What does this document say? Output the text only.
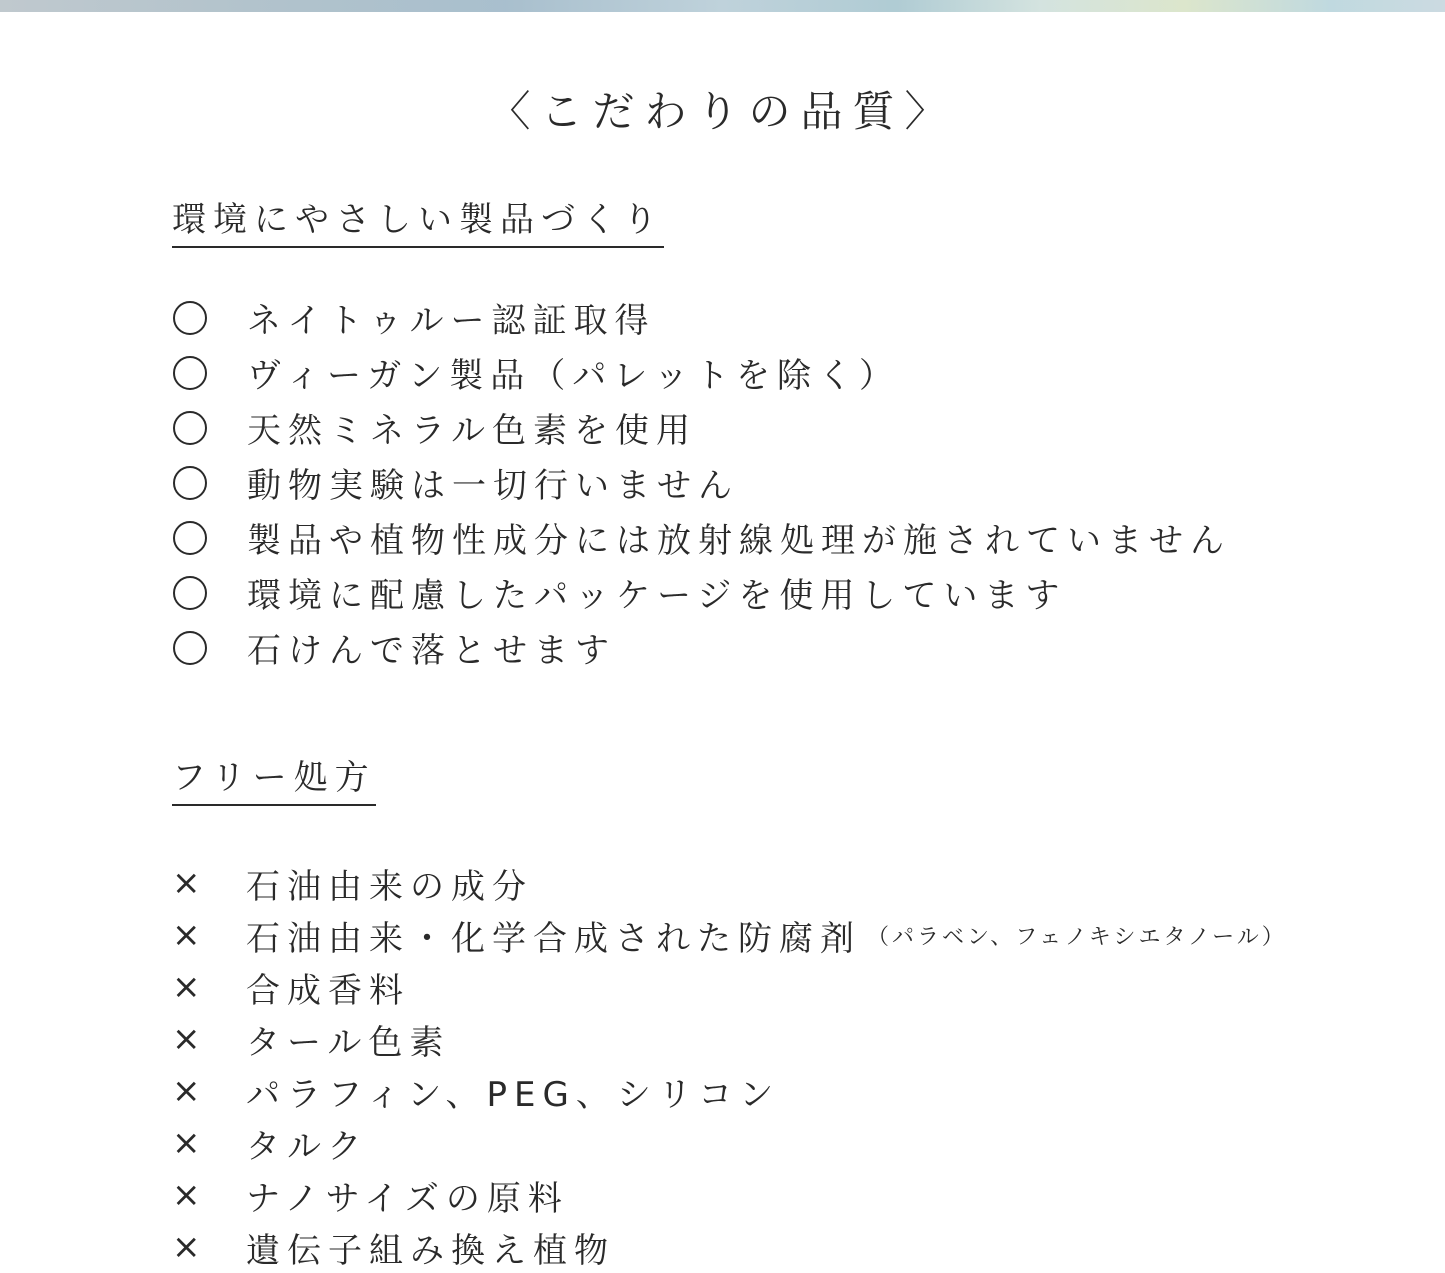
〈こだわりの品質〉
環境にやさしい製品づくり
ネイトゥルー認証取得
ヴィーガン製品（パレットを除く）
天然ミネラル色素を使用
動物実験は一切行いません
製品や植物性成分には放射線処理が施されていません
環境に配慮したパッケージを使用しています
石けんで落とせます
フリー処方
×	石油由来の成分
×	石油由来・化学合成された防腐剤 （パラベン、フェノキシエタノール）
×	合成香料
×	タール色素
×	パラフィン、PEG、シリコン
×	タルク
×	ナノサイズの原料
×	遺伝子組み換え植物
